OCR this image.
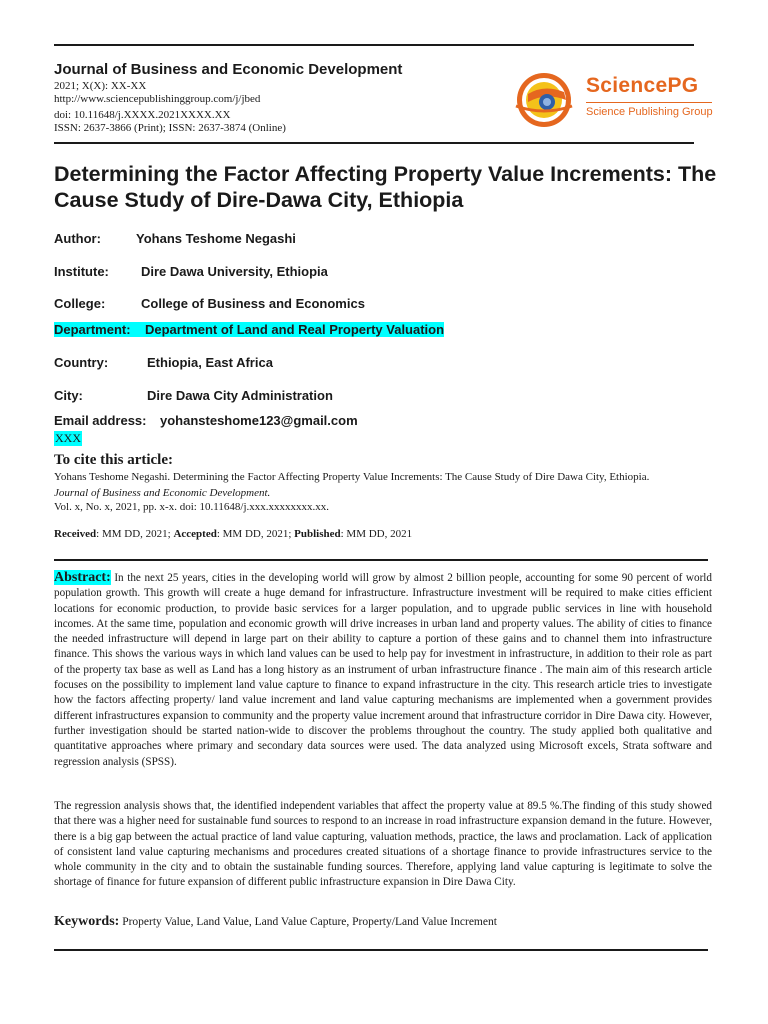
Journal of Business and Economic Development
2021; X(X): XX-XX
http://www.sciencepublishinggroup.com/j/jbed
doi: 10.11648/j.XXXX.2021XXXX.XX
ISSN: 2637-3866 (Print); ISSN: 2637-3874 (Online)
SciencePG
Science Publishing Group
Determining the Factor Affecting Property Value Increments: The Cause Study of Dire-Dawa City, Ethiopia
Author:	Yohans Teshome Negashi
Institute: Dire Dawa University, Ethiopia
College:	College of Business and Economics
Department: Department of Land and Real Property Valuation
Country:	Ethiopia, East Africa
City:	Dire Dawa City Administration
Email address: yohansteshome123@gmail.com
XXX
To cite this article:
Yohans Teshome Negashi. Determining the Factor Affecting Property Value Increments: The Cause Study of Dire Dawa City, Ethiopia.
Journal of Business and Economic Development.
Vol. x, No. x, 2021, pp. x-x. doi: 10.11648/j.xxx.xxxxxxxx.xx.
Received: MM DD, 2021; Accepted: MM DD, 2021; Published: MM DD, 2021
Abstract: In the next 25 years, cities in the developing world will grow by almost 2 billion people, accounting for some 90 percent of world population growth. This growth will create a huge demand for infrastructure. Infrastructure investment will be required to make cities efficient locations for economic production, to provide basic services for a larger population, and to upgrade public services in line with household incomes. At the same time, population and economic growth will drive increases in urban land and property values. The ability of cities to finance the needed infrastructure will depend in large part on their ability to capture a portion of these gains and to channel them into infrastructure finance. This shows the various ways in which land values can be used to help pay for investment in infrastructure, in addition to their role as part of the property tax base as well as Land has a long history as an instrument of urban infrastructure finance . The main aim of this research article focuses on the possibility to implement land value capture to finance to expand infrastructure in the city. This research article tries to investigate how the factors affecting property/ land value increment and land value capturing mechanisms are implemented when a government provides different infrastructures expansion to community and the property value increment around that infrastructure corridor in Dire Dawa city. However, further investigation should be started nation-wide to discover the problems throughout the country. The study applied both qualitative and quantitative approaches where primary and secondary data sources were used. The data analyzed using Microsoft excels, Strata software and regression analysis (SPSS).
The regression analysis shows that, the identified independent variables that affect the property value at 89.5 %.The finding of this study showed that there was a higher need for sustainable fund sources to respond to an increase in road infrastructure expansion demand in the future. However, there is a big gap between the actual practice of land value capturing, valuation methods, practice, the laws and proclamation. Lack of application of consistent land value capturing mechanisms and procedures created situations of a shortage finance to provide infrastructures service to the whole community in the city and to obtain the sustainable funding sources. Therefore, applying land value capturing is legitimate to solve the shortage of finance for future expansion of different public infrastructure expansion in Dire Dawa City.
Keywords: Property Value, Land Value, Land Value Capture, Property/Land Value Increment
